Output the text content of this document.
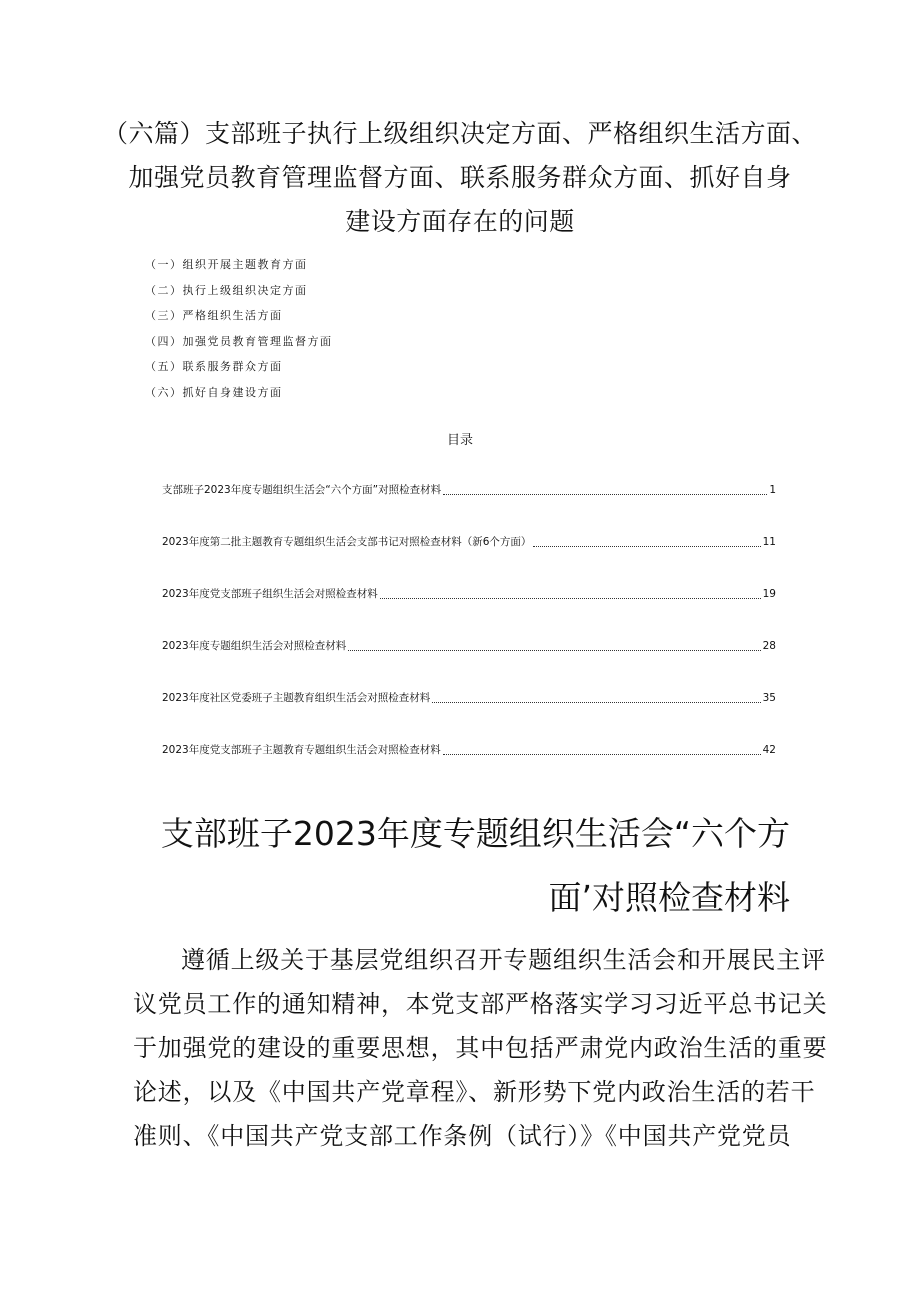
（六篇）支部班子执行上级组织决定方面、严格组织生活方面、
加强党员教育管理监督方面、联系服务群众方面、抓好自身
建设方面存在的问题
（一）组织开展主题教育方面
（二）执行上级组织决定方面
（三）严格组织生活方面
（四）加强党员教育管理监督方面
（五）联系服务群众方面
（六）抓好自身建设方面
目录
支部班子2023年度专题组织生活会“六个方面”对照检查材料	1
2023年度第二批主题教育专题组织生活会支部书记对照检查材料（新6个方面）	11
2023年度党支部班子组织生活会对照检查材料	19
2023年度专题组织生活会对照检查材料	28
2023年度社区党委班子主题教育组织生活会对照检查材料	35
2023年度党支部班子主题教育专题组织生活会对照检查材料	42
支部班子2023年度专题组织生活会“六个方
面’对照检查材料

遵循上级关于基层党组织召开专题组织生活会和开展民主评
议党员工作的通知精神，本党支部严格落实学习习近平总书记关
于加强党的建设的重要思想，其中包括严肃党内政治生活的重要
论述，以及《中国共产党章程》、新形势下党内政治生活的若干
准则、《中国共产党支部工作条例（试行）》《中国共产党党员
